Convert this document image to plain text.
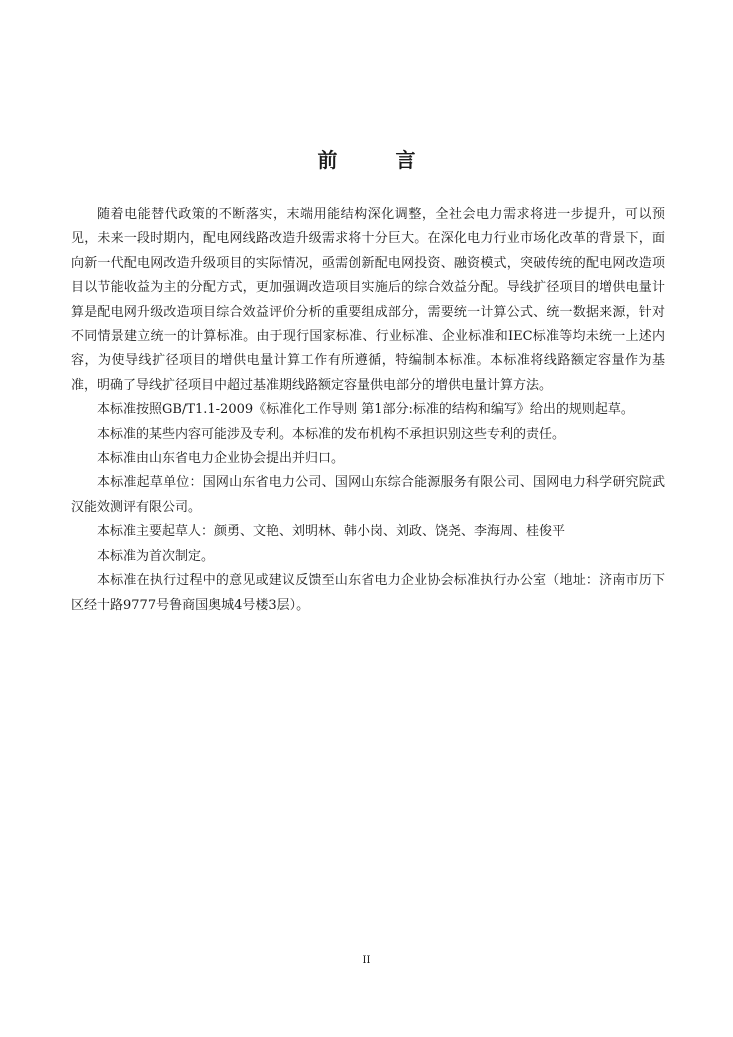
前言

随着电能替代政策的不断落实，末端用能结构深化调整，全社会电力需求将进一步提升，可以预见，未来一段时期内，配电网线路改造升级需求将十分巨大。在深化电力行业市场化改革的背景下，面向新一代配电网改造升级项目的实际情况，亟需创新配电网投资、融资模式，突破传统的配电网改造项目以节能收益为主的分配方式，更加强调改造项目实施后的综合效益分配。导线扩径项目的增供电量计算是配电网升级改造项目综合效益评价分析的重要组成部分，需要统一计算公式、统一数据来源，针对不同情景建立统一的计算标准。由于现行国家标准、行业标准、企业标准和IEC标准等均未统一上述内容，为使导线扩径项目的增供电量计算工作有所遵循，特编制本标准。本标准将线路额定容量作为基准，明确了导线扩径项目中超过基准期线路额定容量供电部分的增供电量计算方法。

本标准按照GB/T1.1-2009《标准化工作导则 第1部分:标准的结构和编写》给出的规则起草。

本标准的某些内容可能涉及专利。本标准的发布机构不承担识别这些专利的责任。

本标准由山东省电力企业协会提出并归口。

本标准起草单位：国网山东省电力公司、国网山东综合能源服务有限公司、国网电力科学研究院武汉能效测评有限公司。

本标准主要起草人：颜勇、文艳、刘明林、韩小岗、刘政、饶尧、李海周、桂俊平

本标准为首次制定。

本标准在执行过程中的意见或建议反馈至山东省电力企业协会标准执行办公室（地址：济南市历下区经十路9777号鲁商国奥城4号楼3层）。

II
